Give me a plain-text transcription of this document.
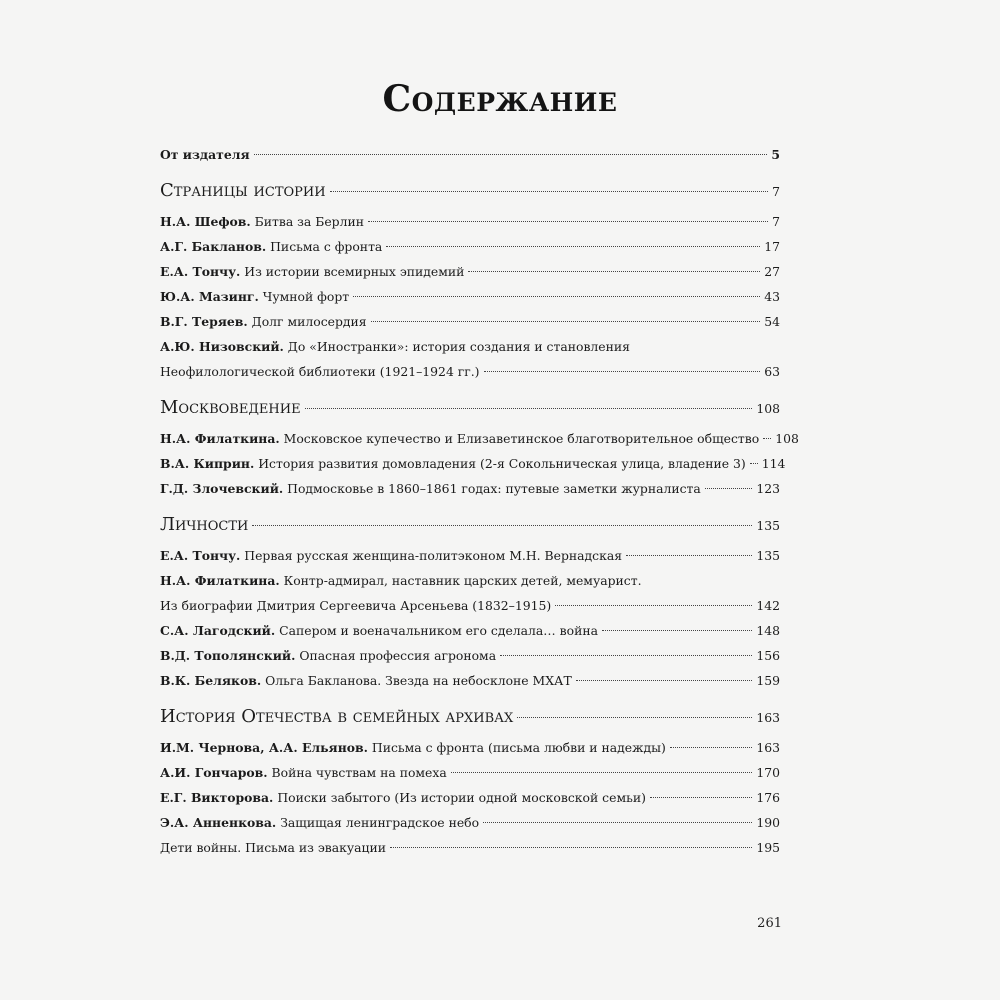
Содержание
От издателя	5
Страницы истории	7
Н.А. Шефов. Битва за Берлин	7
А.Г. Бакланов. Письма с фронта	17
Е.А. Тончу. Из истории всемирных эпидемий	27
Ю.А. Мазинг. Чумной форт	43
В.Г. Теряев. Долг милосердия	54
А.Ю. Низовский. До «Иностранки»: история создания и становления
Неофилологической библиотеки (1921–1924 гг.)	63
Москвоведение	108
Н.А. Филаткина. Московское купечество и Елизаветинское благотворительное общество 108
В.А. Киприн. История развития домовладения (2-я Сокольническая улица, владение 3) 114
Г.Д. Злочевский. Подмосковье в 1860–1861 годах: путевые заметки журналиста	123
Личности	135
Е.А. Тончу. Первая русская женщина-политэконом М.Н. Вернадская	135
Н.А. Филаткина. Контр-адмирал, наставник царских детей, мемуарист.
Из биографии Дмитрия Сергеевича Арсеньева (1832–1915)	142
С.А. Лагодский. Сапером и военачальником его сделала… война	148
В.Д. Тополянский. Опасная профессия агронома	156
В.К. Беляков. Ольга Бакланова. Звезда на небосклоне МХАТ	159
История Отечества в семейных архивах	163
И.М. Чернова, А.А. Ельянов. Письма с фронта (письма любви и надежды)	163
А.И. Гончаров. Война чувствам на помеха	170
Е.Г. Викторова. Поиски забытого (Из истории одной московской семьи)	176
Э.А. Анненкова. Защищая ленинградское небо	190
Дети войны. Письма из эвакуации	195
261
